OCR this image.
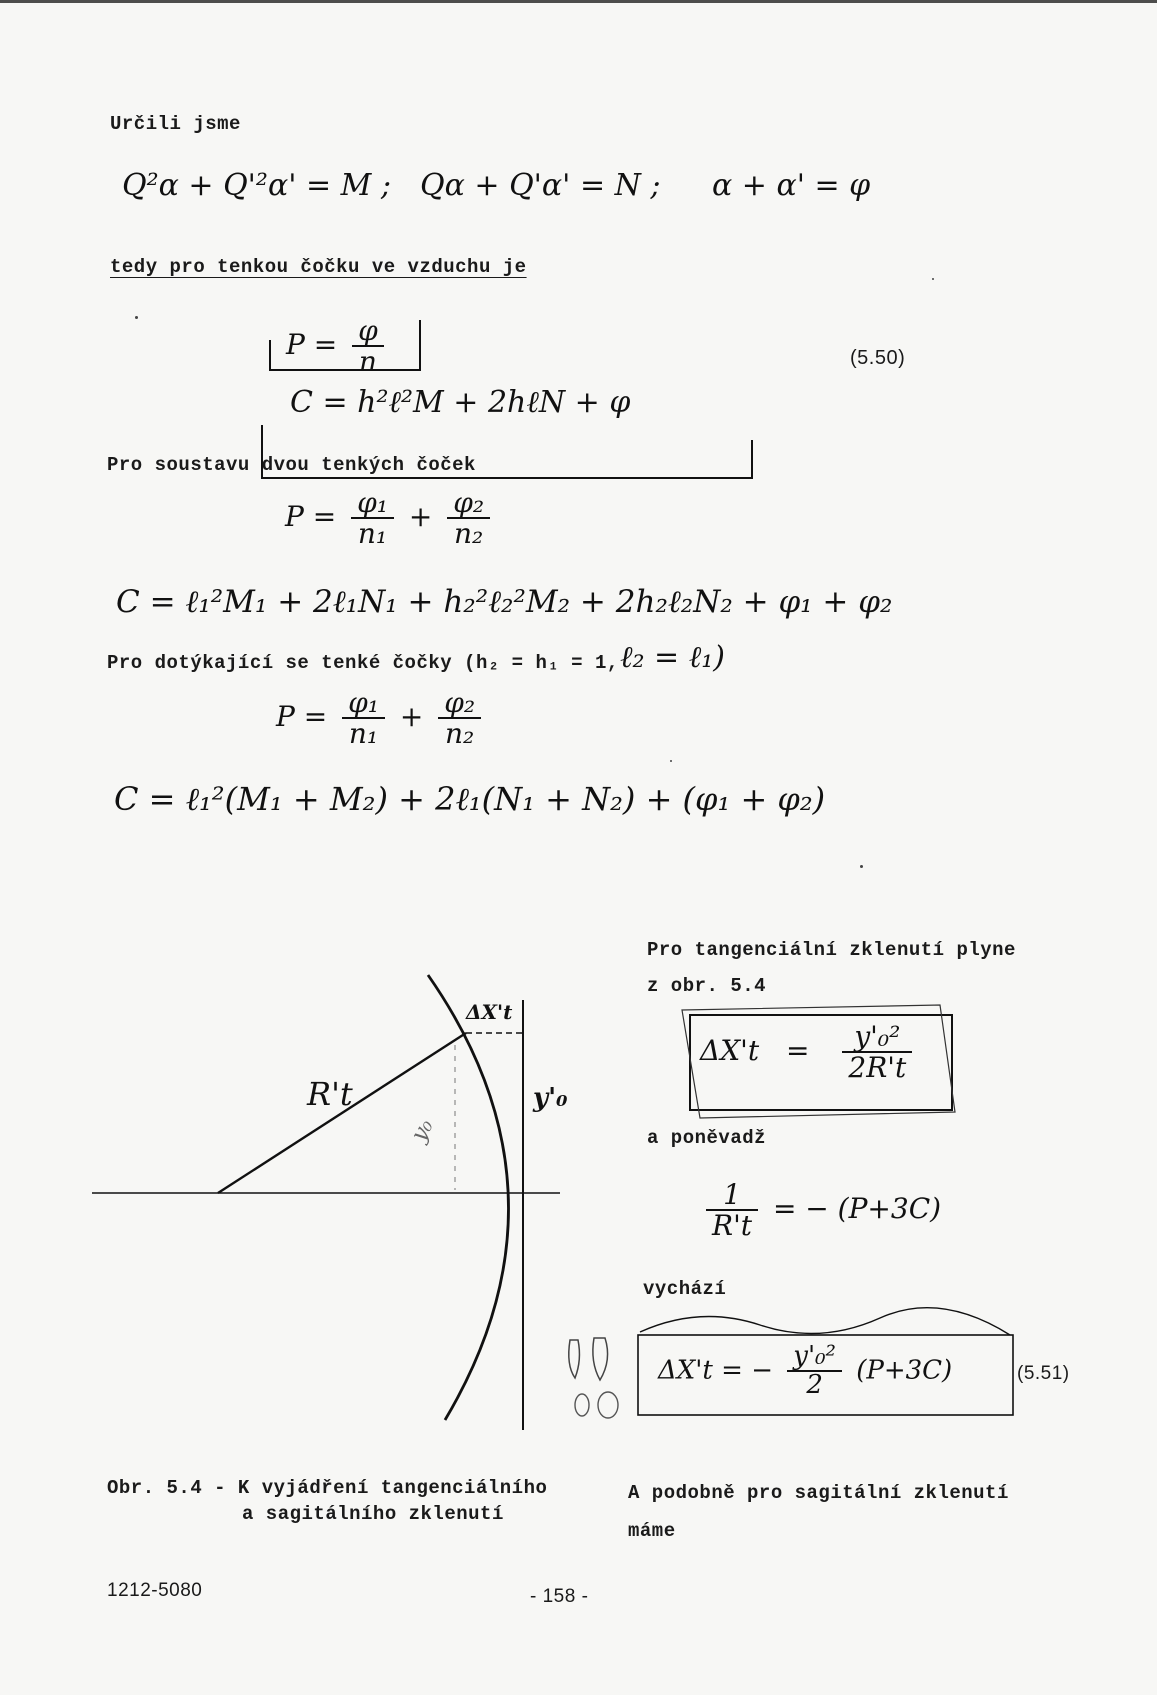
Určili jsme
Q²α + Q'²α' = M ; Qα + Q'α' = N ; α + α' = φ
tedy pro tenkou čočku ve vzduchu je
$P = \frac{\varphi}{n}$
C = h²ℓ²M + 2hℓN + φ
(5.50)
Pro soustavu dvou tenkých čoček
$P = \frac{\text{φ₁}}{\text{n₁}} + \frac{\text{φ₂}}{\text{n₂}}$
C = ℓ₁²M₁ + 2ℓ₁N₁ + h₂²ℓ₂²M₂ + 2h₂ℓ₂N₂ + φ₁ + φ₂
Pro dotýkající se tenké čočky (h₂ = h₁ = 1, ℓ₂ = ℓ₁)
$P = \frac{\text{φ₁}}{\text{n₁}} + \frac{\text{φ₂}}{\text{n₂}}$
C = ℓ₁²(M₁ + M₂) + 2ℓ₁(N₁ + N₂) + (φ₁ + φ₂)
ΔX't
R't	y'₀
y₀
Pro tangenciální zklenutí plyne
z obr. 5.4
$\Delta X't = \frac{\text{y'₀²}}{2R't}$
a poněvadž
$\frac{1}{R't}$ = − (P+3C)
vychází
ΔX't = − $\frac{\text{y'₀²}}{2} (P+3C)$	(5.51)
Obr. 5.4 - K vyjádření tangenciálního
a sagitálního zklenutí
A podobně pro sagitální zklenutí
máme
1212-5080	- 158 -
